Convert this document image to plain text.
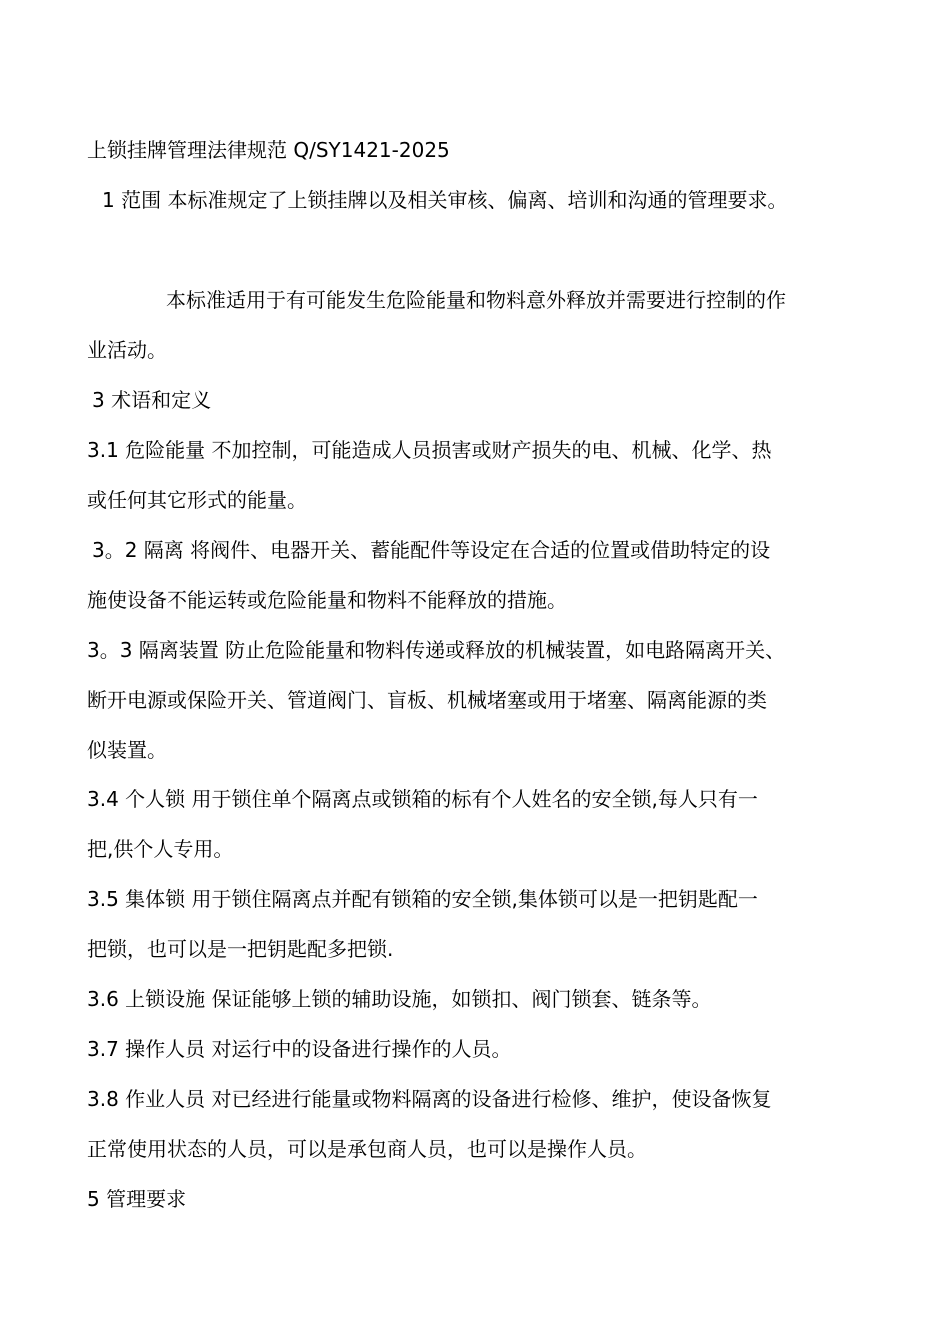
上锁挂牌管理法律规范 Q/SY1421-2025

1 范围 本标准规定了上锁挂牌以及相关审核、偏离、培训和沟通的管理要求。

本标准适用于有可能发生危险能量和物料意外释放并需要进行控制的作

业活动。

3 术语和定义

3.1 危险能量 不加控制，可能造成人员损害或财产损失的电、机械、化学、热

或任何其它形式的能量。

3。2 隔离 将阀件、电器开关、蓄能配件等设定在合适的位置或借助特定的设

施使设备不能运转或危险能量和物料不能释放的措施。

3。3 隔离装置 防止危险能量和物料传递或释放的机械装置，如电路隔离开关、

断开电源或保险开关、管道阀门、盲板、机械堵塞或用于堵塞、隔离能源的类

似装置。

3.4 个人锁 用于锁住单个隔离点或锁箱的标有个人姓名的安全锁,每人只有一

把,供个人专用。

3.5 集体锁 用于锁住隔离点并配有锁箱的安全锁,集体锁可以是一把钥匙配一

把锁，也可以是一把钥匙配多把锁.

3.6 上锁设施 保证能够上锁的辅助设施，如锁扣、阀门锁套、链条等。

3.7 操作人员 对运行中的设备进行操作的人员。

3.8 作业人员 对已经进行能量或物料隔离的设备进行检修、维护，使设备恢复

正常使用状态的人员，可以是承包商人员，也可以是操作人员。

5 管理要求
